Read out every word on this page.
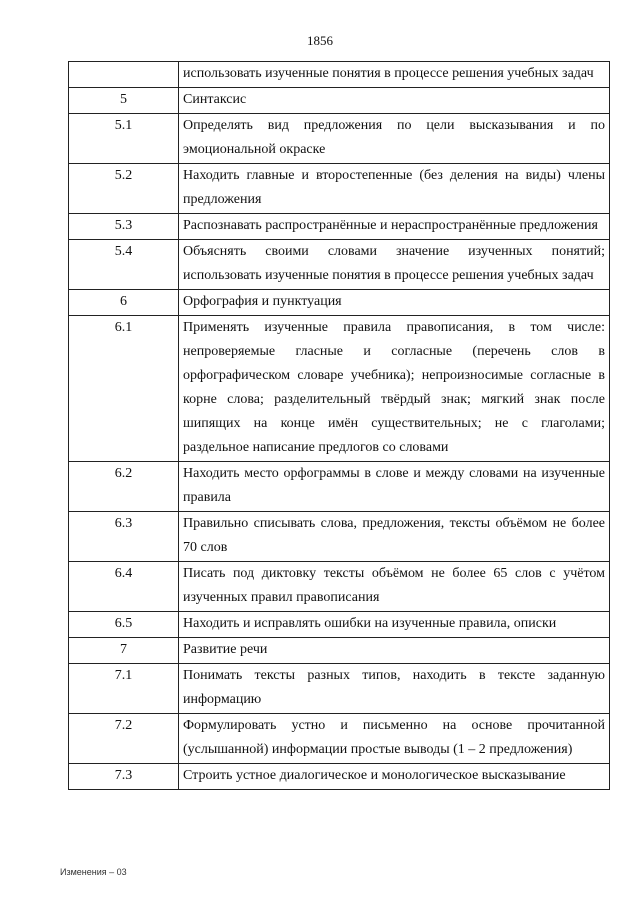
1856
	использовать изученные понятия в процессе решения учебных задач
5	Синтаксис
5.1	Определять вид предложения по цели высказывания и по эмоциональной окраске
5.2	Находить главные и второстепенные (без деления на виды) члены предложения
5.3	Распознавать распространённые и нераспространённые предложения
5.4	Объяснять своими словами значение изученных понятий; использовать изученные понятия в процессе решения учебных задач
6	Орфография и пунктуация
6.1	Применять изученные правила правописания, в том числе: непроверяемые гласные и согласные (перечень слов в орфографическом словаре учебника); непроизносимые согласные в корне слова; разделительный твёрдый знак; мягкий знак после шипящих на конце имён существительных; не с глаголами; раздельное написание предлогов со словами
6.2	Находить место орфограммы в слове и между словами на изученные правила
6.3	Правильно списывать слова, предложения, тексты объёмом не более 70 слов
6.4	Писать под диктовку тексты объёмом не более 65 слов с учётом изученных правил правописания
6.5	Находить и исправлять ошибки на изученные правила, описки
7	Развитие речи
7.1	Понимать тексты разных типов, находить в тексте заданную информацию
7.2	Формулировать устно и письменно на основе прочитанной (услышанной) информации простые выводы (1 – 2 предложения)
7.3	Строить устное диалогическое и монологическое высказывание
Изменения – 03
